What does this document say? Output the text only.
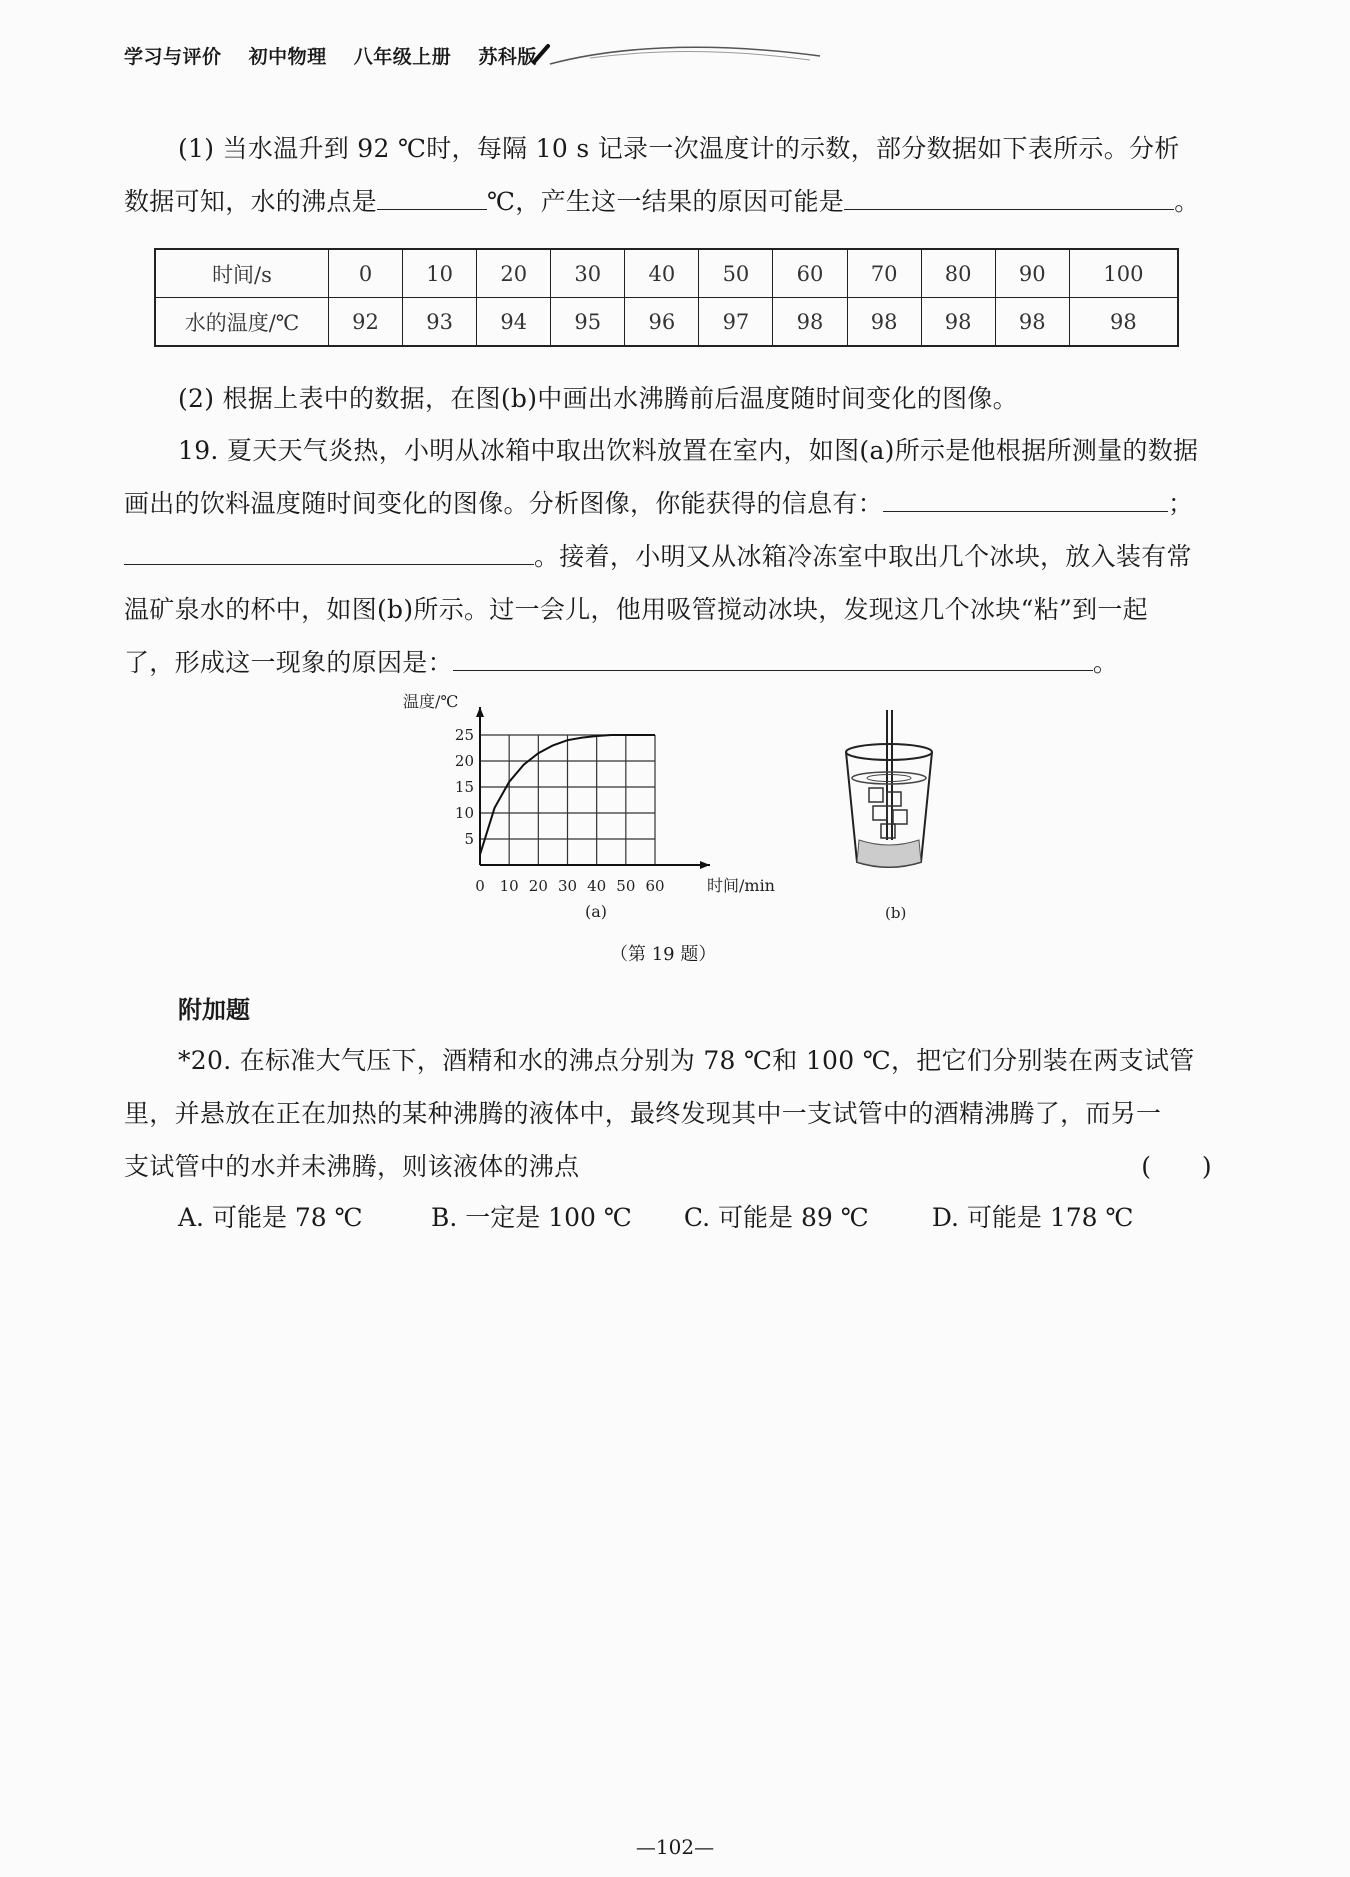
学习与评价 初中物理 八年级上册 苏科版
(1) 当水温升到 92 ℃时，每隔 10 s 记录一次温度计的示数，部分数据如下表所示。分析
数据可知，水的沸点是	℃，产生这一结果的原因可能是	。
时间/s	0	10	20	30	40	50	60	70	80	90	100
水的温度/℃	92	93	94	95	96	97	98	98	98	98	98
(2) 根据上表中的数据，在图(b)中画出水沸腾前后温度随时间变化的图像。
19. 夏天天气炎热，小明从冰箱中取出饮料放置在室内，如图(a)所示是他根据所测量的数据
画出的饮料温度随时间变化的图像。分析图像，你能获得的信息有：	；
。接着，小明又从冰箱冷冻室中取出几个冰块，放入装有常
温矿泉水的杯中，如图(b)所示。过一会儿，他用吸管搅动冰块，发现这几个冰块“粘”到一起
了，形成这一现象的原因是：	。
0 10 20 30 40 50 60
5
10
15
20
25
温度/℃
时间/min
(a)	(b)
（第 19 题）
附加题
*20. 在标准大气压下，酒精和水的沸点分别为 78 ℃和 100 ℃，把它们分别装在两支试管
里，并悬放在正在加热的某种沸腾的液体中，最终发现其中一支试管中的酒精沸腾了，而另一
支试管中的水并未沸腾，则该液体的沸点	(　　)
A. 可能是 78 ℃	B. 一定是 100 ℃ C. 可能是 89 ℃	D. 可能是 178 ℃
—102—
